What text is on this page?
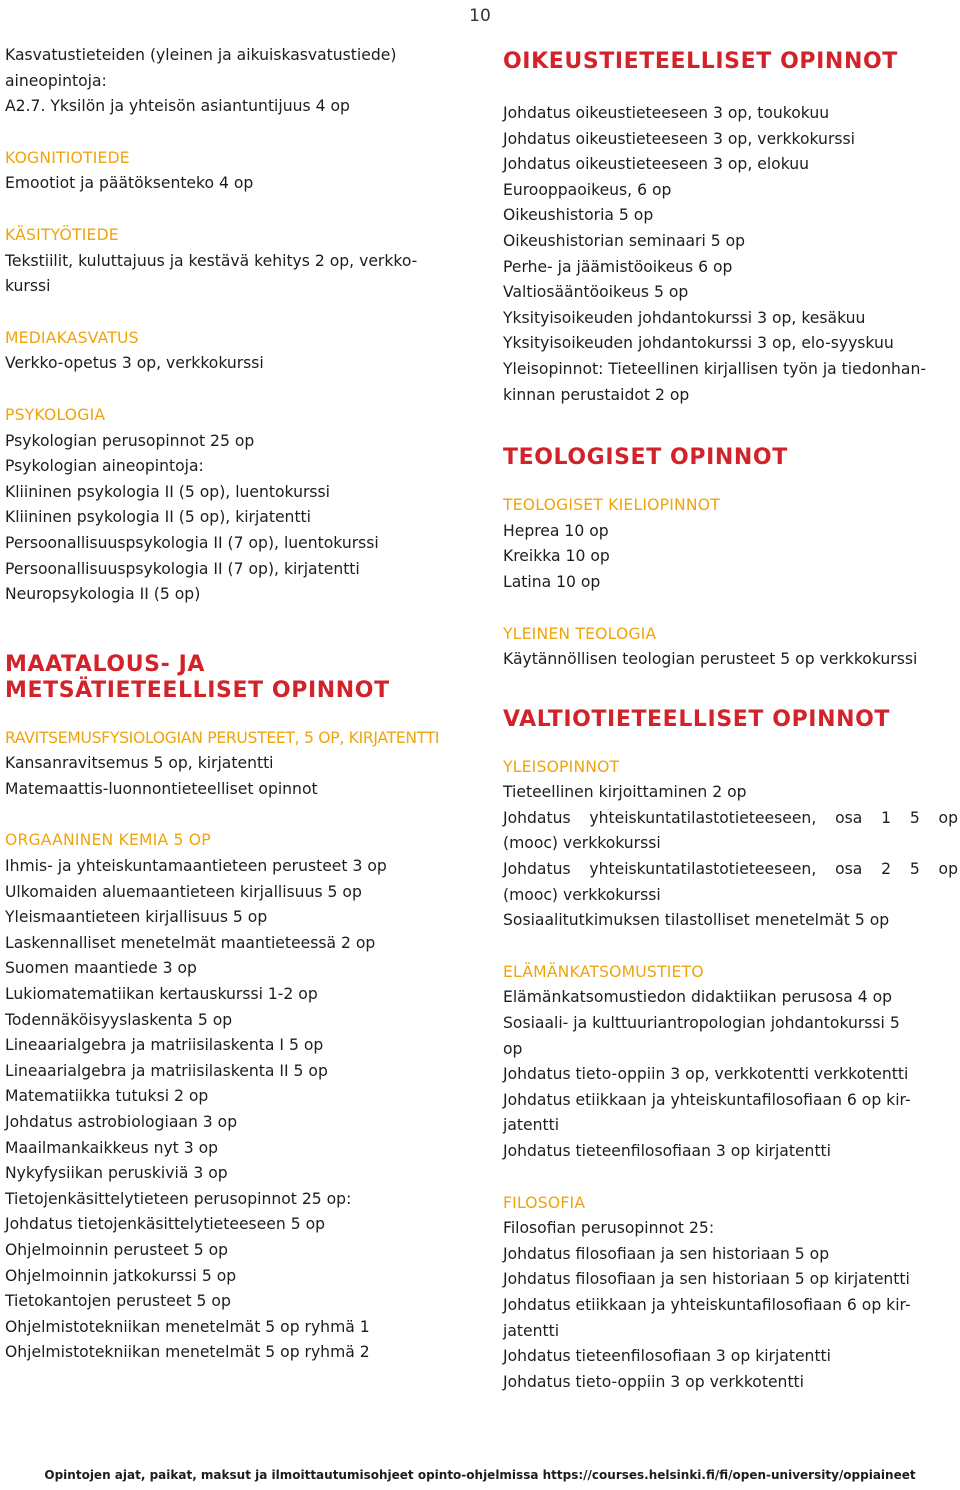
10
Kasvatustieteiden (yleinen ja aikuiskasvatustiede)
aineopintoja:
A2.7. Yksilön ja yhteisön asiantuntijuus 4 op
KOGNITIOTIEDE
Emootiot ja päätöksenteko 4 op
KÄSITYÖTIEDE
Tekstiilit, kuluttajuus ja kestävä kehitys 2 op, verkko-
kurssi
MEDIAKASVATUS
Verkko-opetus 3 op, verkkokurssi
PSYKOLOGIA
Psykologian perusopinnot 25 op
Psykologian aineopintoja:
Kliininen psykologia II (5 op), luentokurssi
Kliininen psykologia II (5 op), kirjatentti
Persoonallisuuspsykologia II (7 op), luentokurssi
Persoonallisuuspsykologia II (7 op), kirjatentti
Neuropsykologia II (5 op)
MAATALOUS- JA
METSÄTIETEELLISET OPINNOT
RAVITSEMUSFYSIOLOGIAN PERUSTEET, 5 OP, KIRJATENTTI
Kansanravitsemus 5 op, kirjatentti
Matemaattis-luonnontieteelliset opinnot
ORGAANINEN KEMIA 5 OP
Ihmis- ja yhteiskuntamaantieteen perusteet 3 op
Ulkomaiden aluemaantieteen kirjallisuus 5 op
Yleismaantieteen kirjallisuus 5 op
Laskennalliset menetelmät maantieteessä 2 op
Suomen maantiede 3 op
Lukiomatematiikan kertauskurssi 1-2 op
Todennäköisyyslaskenta 5 op
Lineaarialgebra ja matriisilaskenta I 5 op
Lineaarialgebra ja matriisilaskenta II 5 op
Matematiikka tutuksi 2 op
Johdatus astrobiologiaan 3 op
Maailmankaikkeus nyt 3 op
Nykyfysiikan peruskiviä 3 op
Tietojenkäsittelytieteen perusopinnot 25 op:
Johdatus tietojenkäsittelytieteeseen 5 op
Ohjelmoinnin perusteet 5 op
Ohjelmoinnin jatkokurssi 5 op
Tietokantojen perusteet 5 op
Ohjelmistotekniikan menetelmät 5 op ryhmä 1
Ohjelmistotekniikan menetelmät 5 op ryhmä 2
OIKEUSTIETEELLISET OPINNOT
Johdatus oikeustieteeseen 3 op, toukokuu
Johdatus oikeustieteeseen 3 op, verkkokurssi
Johdatus oikeustieteeseen 3 op, elokuu
Eurooppaoikeus, 6 op
Oikeushistoria 5 op
Oikeushistorian seminaari 5 op
Perhe- ja jäämistöoikeus 6 op
Valtiosääntöoikeus 5 op
Yksityisoikeuden johdantokurssi 3 op, kesäkuu
Yksityisoikeuden johdantokurssi 3 op, elo-syyskuu
Yleisopinnot: Tieteellinen kirjallisen työn ja tiedonhan-
kinnan perustaidot 2 op
TEOLOGISET OPINNOT
TEOLOGISET KIELIOPINNOT
Heprea 10 op
Kreikka 10 op
Latina 10 op
YLEINEN TEOLOGIA
Käytännöllisen teologian perusteet 5 op verkkokurssi
VALTIOTIETEELLISET OPINNOT
YLEISOPINNOT
Tieteellinen kirjoittaminen 2 op
Johdatus yhteiskuntatilastotieteeseen, osa 1 5 op
(mooc) verkkokurssi
Johdatus yhteiskuntatilastotieteeseen, osa 2 5 op
(mooc) verkkokurssi
Sosiaalitutkimuksen tilastolliset menetelmät 5 op
ELÄMÄNKATSOMUSTIETO
Elämänkatsomustiedon didaktiikan perusosa 4 op
Sosiaali- ja kulttuuriantropologian johdantokurssi 5
op
Johdatus tieto-oppiin 3 op, verkkotentti verkkotentti
Johdatus etiikkaan ja yhteiskuntafilosofiaan 6 op kir-
jatentti
Johdatus tieteenfilosofiaan 3 op kirjatentti
FILOSOFIA
Filosofian perusopinnot 25:
Johdatus filosofiaan ja sen historiaan 5 op
Johdatus filosofiaan ja sen historiaan 5 op kirjatentti
Johdatus etiikkaan ja yhteiskuntafilosofiaan 6 op kir-
jatentti
Johdatus tieteenfilosofiaan 3 op kirjatentti
Johdatus tieto-oppiin 3 op verkkotentti
Opintojen ajat, paikat, maksut ja ilmoittautumisohjeet opinto-ohjelmissa https://courses.helsinki.fi/fi/open-university/oppiaineet
